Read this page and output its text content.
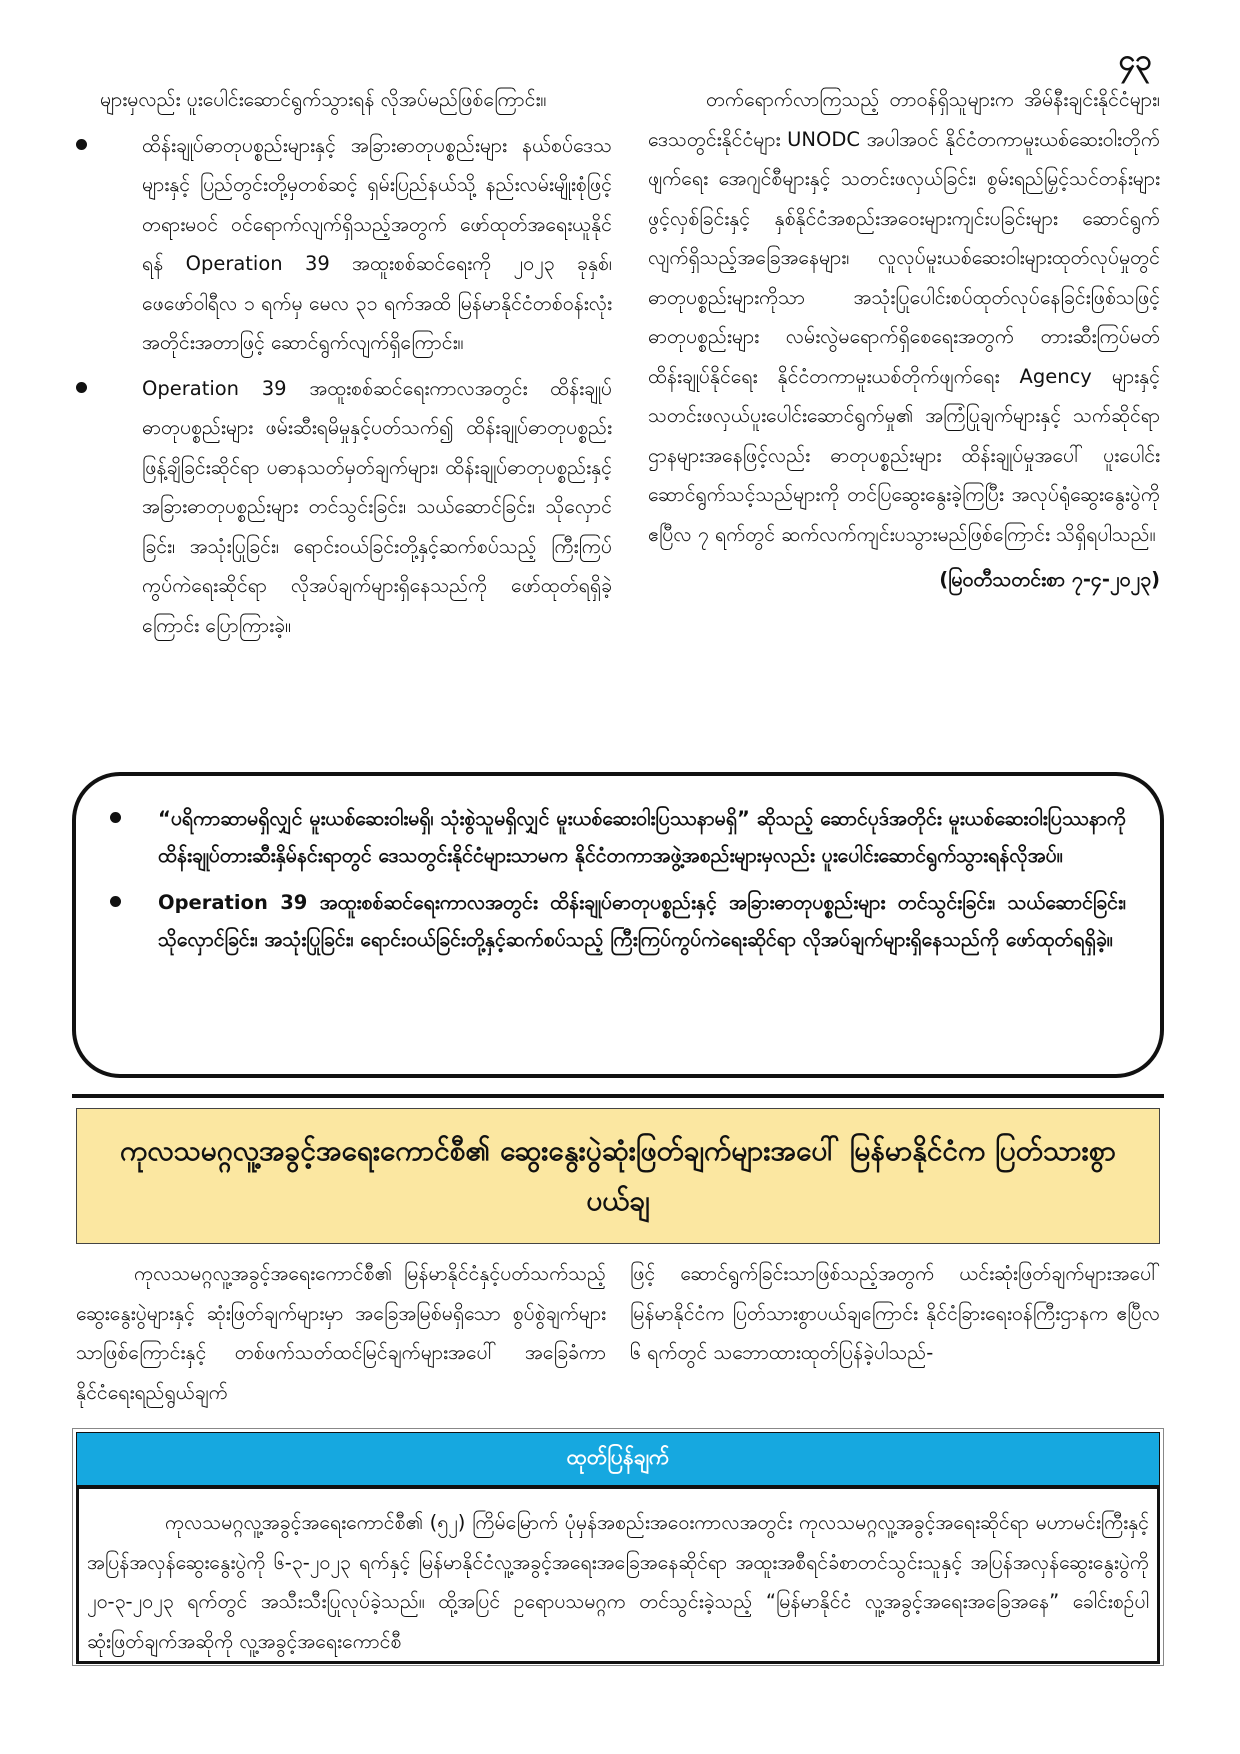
၄၃

များမှလည်း ပူးပေါင်းဆောင်ရွက်သွားရန် လိုအပ်မည်ဖြစ်ကြောင်း။

ထိန်းချုပ်ဓာတုပစ္စည်းများနှင့် အခြားဓာတုပစ္စည်းများ နယ်စပ်ဒေသများနှင့် ပြည်တွင်းတို့မှတစ်ဆင့် ရှမ်းပြည်နယ်သို့ နည်းလမ်းမျိုးစုံဖြင့် တရားမဝင် ဝင်ရောက်လျက်ရှိသည့်အတွက် ဖော်ထုတ်အရေးယူနိုင်ရန် Operation 39 အထူးစစ်ဆင်ရေးကို ၂၀၂၃ ခုနှစ်၊ ဖေဖော်ဝါရီလ ၁ ရက်မှ မေလ ၃၁ ရက်အထိ မြန်မာနိုင်ငံတစ်ဝန်းလုံးအတိုင်းအတာဖြင့် ဆောင်ရွက်လျက်ရှိကြောင်း။
Operation 39 အထူးစစ်ဆင်ရေးကာလအတွင်း ထိန်းချုပ်ဓာတုပစ္စည်းများ ဖမ်းဆီးရမိမှုနှင့်ပတ်သက်၍ ထိန်းချုပ်ဓာတုပစ္စည်းဖြန့်ချိခြင်းဆိုင်ရာ ပဓာနသတ်မှတ်ချက်များ၊ ထိန်းချုပ်ဓာတုပစ္စည်းနှင့် အခြားဓာတုပစ္စည်းများ တင်သွင်းခြင်း၊ သယ်ဆောင်ခြင်း၊ သိုလှောင်ခြင်း၊ အသုံးပြုခြင်း၊ ရောင်းဝယ်ခြင်းတို့နှင့်ဆက်စပ်သည့် ကြီးကြပ်ကွပ်ကဲရေးဆိုင်ရာ လိုအပ်ချက်များရှိနေသည်ကို ဖော်ထုတ်ရရှိခဲ့ကြောင်း ပြောကြားခဲ့။

တက်ရောက်လာကြသည့် တာဝန်ရှိသူများက အိမ်နီးချင်းနိုင်ငံများ၊ ဒေသတွင်းနိုင်ငံများ UNODC အပါအဝင် နိုင်ငံတကာမူးယစ်ဆေးဝါးတိုက်ဖျက်ရေး အေဂျင်စီများနှင့် သတင်းဖလှယ်ခြင်း၊ စွမ်းရည်မြှင့်သင်တန်းများဖွင့်လှစ်ခြင်းနှင့် နှစ်နိုင်ငံအစည်းအဝေးများကျင်းပခြင်းများ ဆောင်ရွက်လျက်ရှိသည့်အခြေအနေများ၊ လူလုပ်မူးယစ်ဆေးဝါးများထုတ်လုပ်မှုတွင် ဓာတုပစ္စည်းများကိုသာ အသုံးပြုပေါင်းစပ်ထုတ်လုပ်နေခြင်းဖြစ်သဖြင့် ဓာတုပစ္စည်းများ လမ်းလွဲမရောက်ရှိစေရေးအတွက် တားဆီးကြပ်မတ်ထိန်းချုပ်နိုင်ရေး နိုင်ငံတကာမူးယစ်တိုက်ဖျက်ရေး Agency များနှင့် သတင်းဖလှယ်ပူးပေါင်းဆောင်ရွက်မှု၏ အကြံပြုချက်များနှင့် သက်ဆိုင်ရာဌာနများအနေဖြင့်လည်း ဓာတုပစ္စည်းများ ထိန်းချုပ်မှုအပေါ် ပူးပေါင်းဆောင်ရွက်သင့်သည်များကို တင်ပြဆွေးနွေးခဲ့ကြပြီး အလုပ်ရုံဆွေးနွေးပွဲကို ဧပြီလ ၇ ရက်တွင် ဆက်လက်ကျင်းပသွားမည်ဖြစ်ကြောင်း သိရှိရပါသည်။

(မြဝတီသတင်းစာ ၇-၄-၂၀၂၃)

“ပရိကာဆာမရှိလျှင် မူးယစ်ဆေးဝါးမရှိ၊ သုံးစွဲသူမရှိလျှင် မူးယစ်ဆေးဝါးပြဿနာမရှိ” ဆိုသည့် ဆောင်ပုဒ်အတိုင်း မူးယစ်ဆေးဝါးပြဿနာကို ထိန်းချုပ်တားဆီးနှိမ်နင်းရာတွင် ဒေသတွင်းနိုင်ငံများသာမက နိုင်ငံတကာအဖွဲ့အစည်းများမှလည်း ပူးပေါင်းဆောင်ရွက်သွားရန်လိုအပ်။
Operation 39 အထူးစစ်ဆင်ရေးကာလအတွင်း ထိန်းချုပ်ဓာတုပစ္စည်းနှင့် အခြားဓာတုပစ္စည်းများ တင်သွင်းခြင်း၊ သယ်ဆောင်ခြင်း၊ သိုလှောင်ခြင်း၊ အသုံးပြုခြင်း၊ ရောင်းဝယ်ခြင်းတို့နှင့်ဆက်စပ်သည့် ကြီးကြပ်ကွပ်ကဲရေးဆိုင်ရာ လိုအပ်ချက်များရှိနေသည်ကို ဖော်ထုတ်ရရှိခဲ့။
ကုလသမဂ္ဂလူ့အခွင့်အရေးကောင်စီ၏ ဆွေးနွေးပွဲဆုံးဖြတ်ချက်များအပေါ် မြန်မာနိုင်ငံက ပြတ်သားစွာပယ်ချ

ကုလသမဂ္ဂလူ့အခွင့်အရေးကောင်စီ၏ မြန်မာနိုင်ငံနှင့်ပတ်သက်သည့် ဆွေးနွေးပွဲများနှင့် ဆုံးဖြတ်ချက်များမှာ အခြေအမြစ်မရှိသော စွပ်စွဲချက်များသာဖြစ်ကြောင်းနှင့် တစ်ဖက်သတ်ထင်မြင်ချက်များအပေါ် အခြေခံကာ နိုင်ငံရေးရည်ရွယ်ချက်

ဖြင့် ဆောင်ရွက်ခြင်းသာဖြစ်သည့်အတွက် ယင်းဆုံးဖြတ်ချက်များအပေါ် မြန်မာနိုင်ငံက ပြတ်သားစွာပယ်ချကြောင်း နိုင်ငံခြားရေးဝန်ကြီးဌာနက ဧပြီလ ၆ ရက်တွင် သဘောထားထုတ်ပြန်ခဲ့ပါသည်-

ထုတ်ပြန်ချက်

ကုလသမဂ္ဂလူ့အခွင့်အရေးကောင်စီ၏ (၅၂) ကြိမ်မြောက် ပုံမှန်အစည်းအဝေးကာလအတွင်း ကုလသမဂ္ဂလူ့အခွင့်အရေးဆိုင်ရာ မဟာမင်းကြီးနှင့် အပြန်အလှန်ဆွေးနွေးပွဲကို ၆-၃-၂၀၂၃ ရက်နှင့် မြန်မာနိုင်ငံလူ့အခွင့်အရေးအခြေအနေဆိုင်ရာ အထူးအစီရင်ခံစာတင်သွင်းသူနှင့် အပြန်အလှန်ဆွေးနွေးပွဲကို ၂၀-၃-၂၀၂၃ ရက်တွင် အသီးသီးပြုလုပ်ခဲ့သည်။ ထို့အပြင် ဥရောပသမဂ္ဂက တင်သွင်းခဲ့သည့် “မြန်မာနိုင်ငံ လူ့အခွင့်အရေးအခြေအနေ” ခေါင်းစဉ်ပါဆုံးဖြတ်ချက်အဆိုကို လူ့အခွင့်အရေးကောင်စီ
